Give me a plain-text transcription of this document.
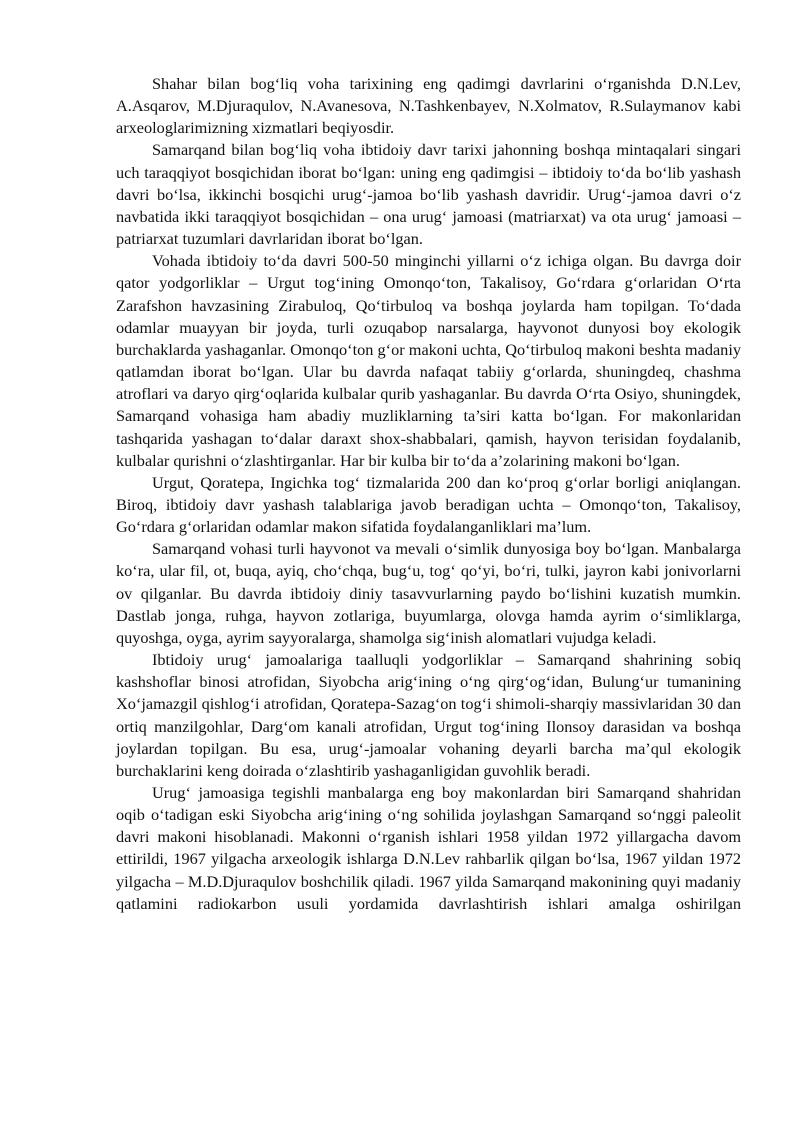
Shahar bilan bog‘liq voha tarixining eng qadimgi davrlarini o‘rganishda D.N.Lev, A.Asqarov, M.Djuraqulov, N.Avanesova, N.Tashkenbayev, N.Xolmatov, R.Sulaymanov kabi arxeologlarimizning xizmatlari beqiyosdir.

Samarqand bilan bog‘liq voha ibtidoiy davr tarixi jahonning boshqa mintaqalari singari uch taraqqiyot bosqichidan iborat bo‘lgan: uning eng qadimgisi – ibtidoiy to‘da bo‘lib yashash davri bo‘lsa, ikkinchi bosqichi urug‘-jamoa bo‘lib yashash davridir. Urug‘-jamoa davri o‘z navbatida ikki taraqqiyot bosqichidan – ona urug‘ jamoasi (matriarxat) va ota urug‘ jamoasi – patriarxat tuzumlari davrlaridan iborat bo‘lgan.

Vohada ibtidoiy to‘da davri 500-50 minginchi yillarni o‘z ichiga olgan. Bu davrga doir qator yodgorliklar – Urgut tog‘ining Omonqo‘ton, Takalisoy, Go‘rdara g‘orlaridan O‘rta Zarafshon havzasining Zirabuloq, Qo‘tirbuloq va boshqa joylarda ham topilgan. To‘dada odamlar muayyan bir joyda, turli ozuqabop narsalarga, hayvonot dunyosi boy ekologik burchaklarda yashaganlar. Omonqo‘ton g‘or makoni uchta, Qo‘tirbuloq makoni beshta madaniy qatlamdan iborat bo‘lgan. Ular bu davrda nafaqat tabiiy g‘orlarda, shuningdeq, chashma atroflari va daryo qirg‘oqlarida kulbalar qurib yashaganlar. Bu davrda O‘rta Osiyo, shuningdek, Samarqand vohasiga ham abadiy muzliklarning ta’siri katta bo‘lgan. For makonlaridan tashqarida yashagan to‘dalar daraxt shox-shabbalari, qamish, hayvon terisidan foydalanib, kulbalar qurishni o‘zlashtirganlar. Har bir kulba bir to‘da a’zolarining makoni bo‘lgan.

Urgut, Qoratepa, Ingichka tog‘ tizmalarida 200 dan ko‘proq g‘orlar borligi aniqlangan. Biroq, ibtidoiy davr yashash talablariga javob beradigan uchta – Omonqo‘ton, Takalisoy, Go‘rdara g‘orlaridan odamlar makon sifatida foydalanganliklari ma’lum.

Samarqand vohasi turli hayvonot va mevali o‘simlik dunyosiga boy bo‘lgan. Manbalarga ko‘ra, ular fil, ot, buqa, ayiq, cho‘chqa, bug‘u, tog‘ qo‘yi, bo‘ri, tulki, jayron kabi jonivorlarni ov qilganlar. Bu davrda ibtidoiy diniy tasavvurlarning paydo bo‘lishini kuzatish mumkin. Dastlab jonga, ruhga, hayvon zotlariga, buyumlarga, olovga hamda ayrim o‘simliklarga, quyoshga, oyga, ayrim sayyoralarga, shamolga sig‘inish alomatlari vujudga keladi.

Ibtidoiy urug‘ jamoalariga taalluqli yodgorliklar – Samarqand shahrining sobiq kashshoflar binosi atrofidan, Siyobcha arig‘ining o‘ng qirg‘og‘idan, Bulung‘ur tumanining Xo‘jamazgil qishlog‘i atrofidan, Qoratepa-Sazag‘on tog‘i shimoli-sharqiy massivlaridan 30 dan ortiq manzilgohlar, Darg‘om kanali atrofidan, Urgut tog‘ining Ilonsoy darasidan va boshqa joylardan topilgan. Bu esa, urug‘-jamoalar vohaning deyarli barcha ma’qul ekologik burchaklarini keng doirada o‘zlashtirib yashaganligidan guvohlik beradi.

Urug‘ jamoasiga tegishli manbalarga eng boy makonlardan biri Samarqand shahridan oqib o‘tadigan eski Siyobcha arig‘ining o‘ng sohilida joylashgan Samarqand so‘nggi paleolit davri makoni hisoblanadi. Makonni o‘rganish ishlari 1958 yildan 1972 yillargacha davom ettirildi, 1967 yilgacha arxeologik ishlarga D.N.Lev rahbarlik qilgan bo‘lsa, 1967 yildan 1972 yilgacha – M.D.Djuraqulov boshchilik qiladi. 1967 yilda Samarqand makonining quyi madaniy qatlamini radiokarbon usuli yordamida davrlashtirish ishlari amalga oshirilgan
